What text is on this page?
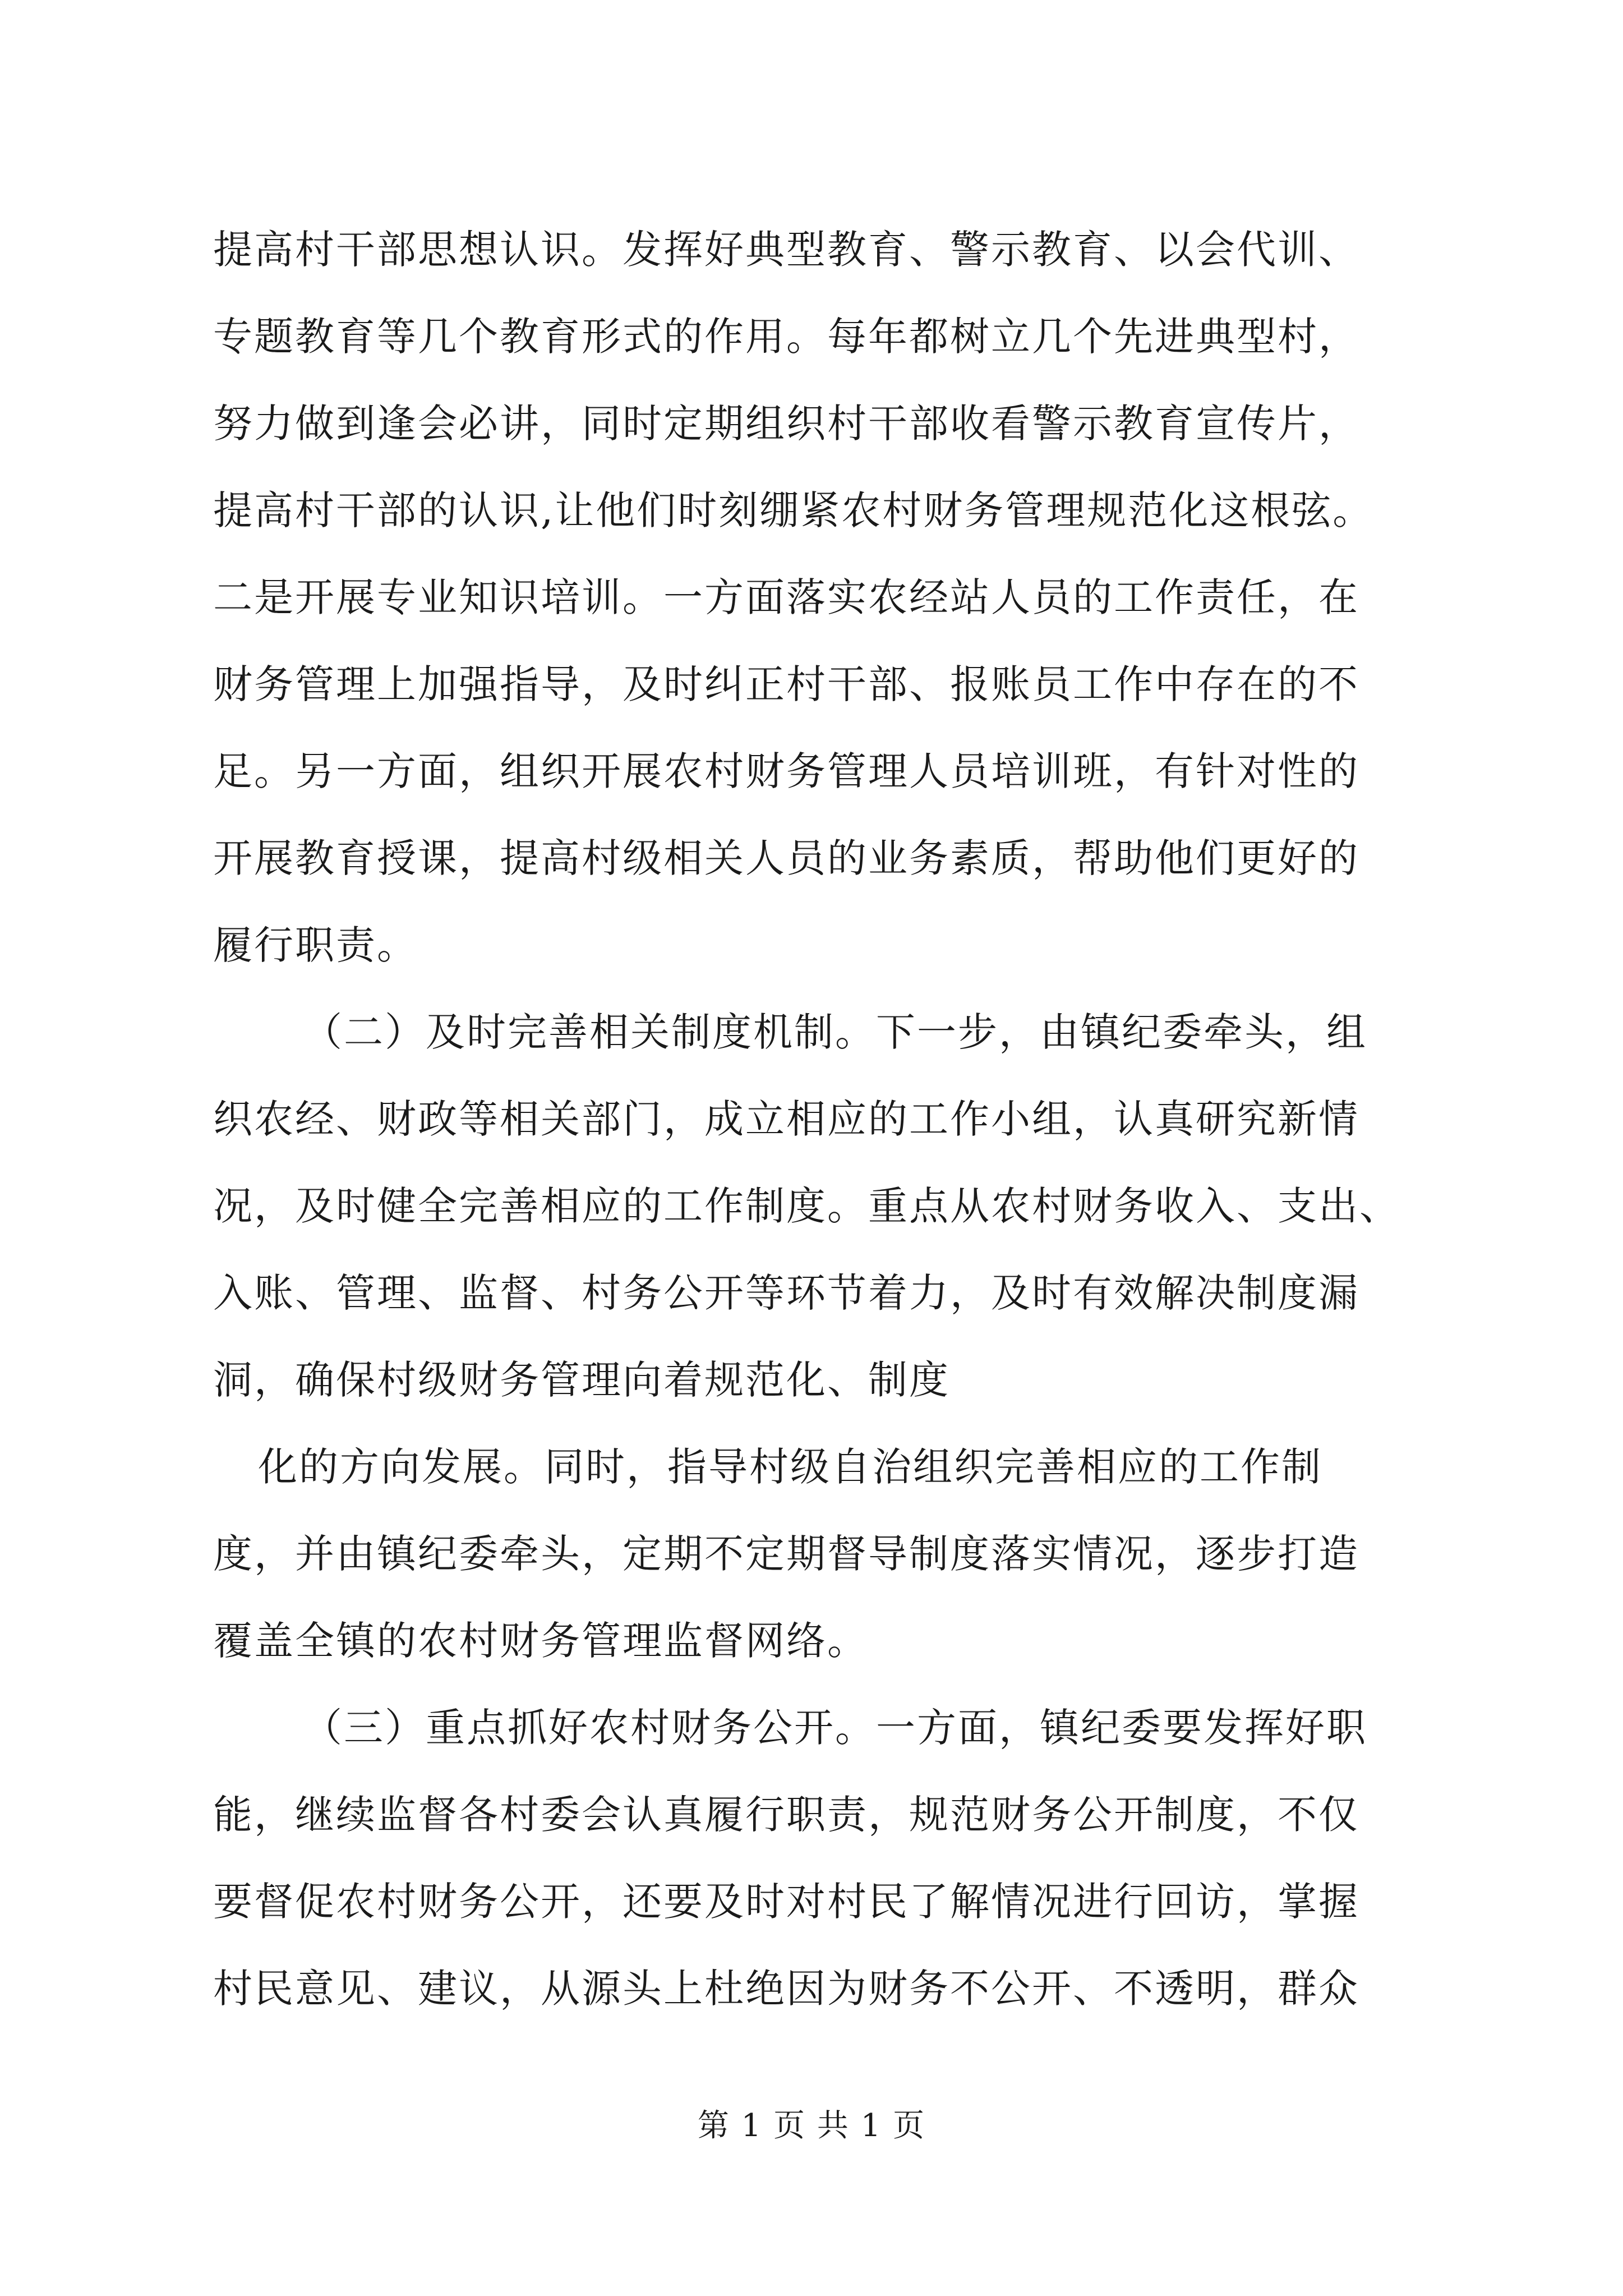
提高村干部思想认识。发挥好典型教育、警示教育、以会代训、
专题教育等几个教育形式的作用。每年都树立几个先进典型村，
努力做到逢会必讲，同时定期组织村干部收看警示教育宣传片，
提高村干部的认识,让他们时刻绷紧农村财务管理规范化这根弦。
二是开展专业知识培训。一方面落实农经站人员的工作责任，在
财务管理上加强指导，及时纠正村干部、报账员工作中存在的不
足。另一方面，组织开展农村财务管理人员培训班，有针对性的
开展教育授课，提高村级相关人员的业务素质，帮助他们更好的
履行职责。
（二）及时完善相关制度机制。下一步，由镇纪委牵头，组
织农经、财政等相关部门，成立相应的工作小组，认真研究新情
况，及时健全完善相应的工作制度。重点从农村财务收入、支出、
入账、管理、监督、村务公开等环节着力，及时有效解决制度漏
洞，确保村级财务管理向着规范化、制度
化的方向发展。同时，指导村级自治组织完善相应的工作制
度，并由镇纪委牵头，定期不定期督导制度落实情况，逐步打造
覆盖全镇的农村财务管理监督网络。
（三）重点抓好农村财务公开。一方面，镇纪委要发挥好职
能，继续监督各村委会认真履行职责，规范财务公开制度，不仅
要督促农村财务公开，还要及时对村民了解情况进行回访，掌握
村民意见、建议，从源头上杜绝因为财务不公开、不透明，群众
第 1 页 共 1 页
